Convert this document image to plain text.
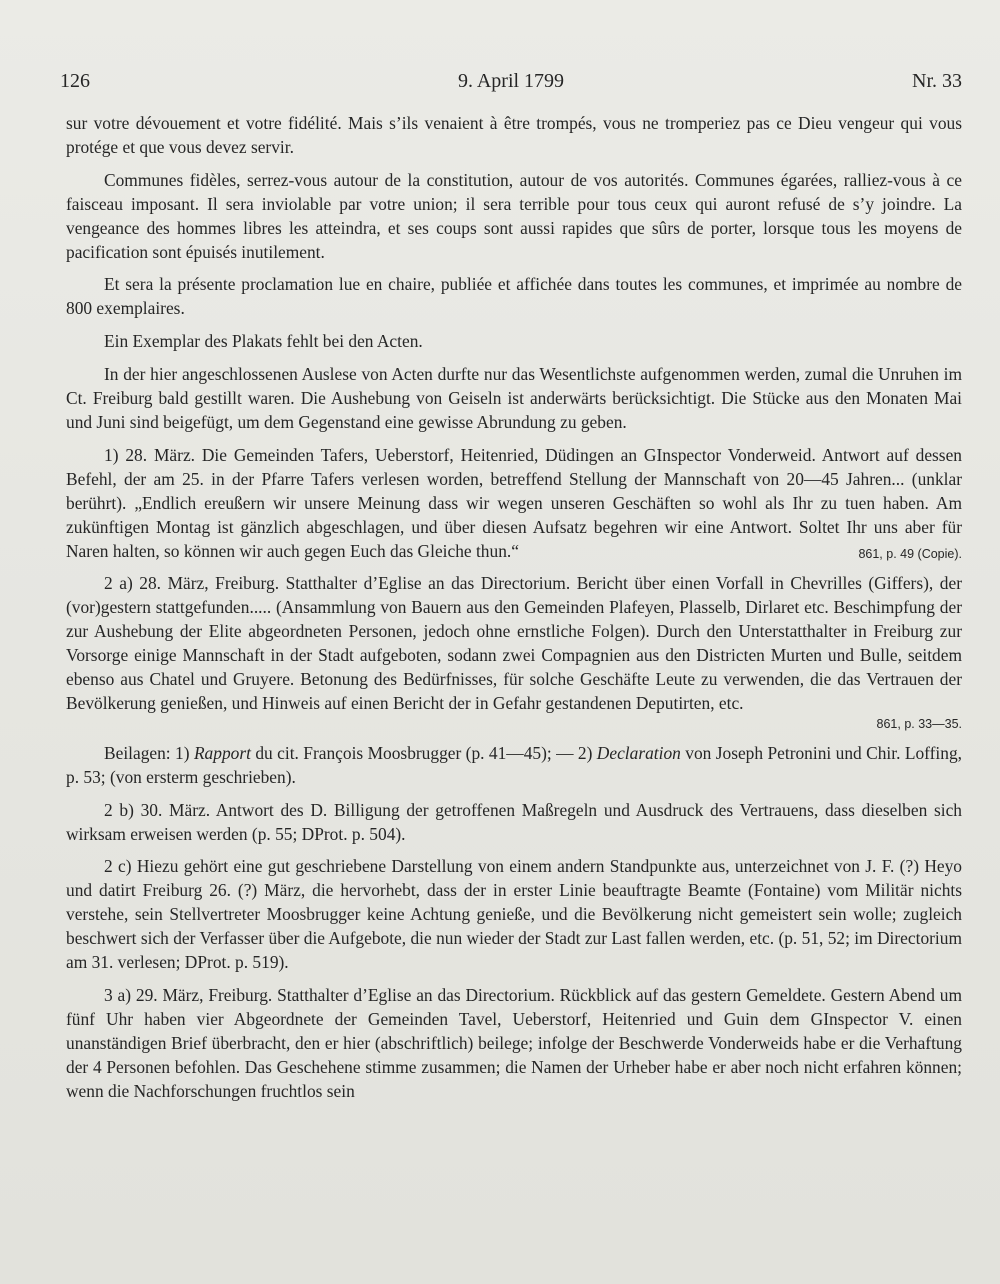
126	9. April 1799	Nr. 33

sur votre dévouement et votre fidélité. Mais s’ils venaient à être trompés, vous ne tromperiez pas ce Dieu vengeur qui vous protége et que vous devez servir.

Communes fidèles, serrez-vous autour de la constitution, autour de vos autorités. Communes égarées, ralliez-vous à ce faisceau imposant. Il sera inviolable par votre union; il sera terrible pour tous ceux qui auront refusé de s’y joindre. La vengeance des hommes libres les atteindra, et ses coups sont aussi rapides que sûrs de porter, lorsque tous les moyens de pacification sont épuisés inutilement.

Et sera la présente proclamation lue en chaire, publiée et affichée dans toutes les communes, et imprimée au nombre de 800 exemplaires.

Ein Exemplar des Plakats fehlt bei den Acten.

In der hier angeschlossenen Auslese von Acten durfte nur das Wesentlichste aufgenommen werden, zumal die Unruhen im Ct. Freiburg bald gestillt waren. Die Aushebung von Geiseln ist anderwärts berücksichtigt. Die Stücke aus den Monaten Mai und Juni sind beigefügt, um dem Gegenstand eine gewisse Abrundung zu geben.

1) 28. März. Die Gemeinden Tafers, Ueberstorf, Heitenried, Düdingen an GInspector Vonderweid. Antwort auf dessen Befehl, der am 25. in der Pfarre Tafers verlesen worden, betreffend Stellung der Mannschaft von 20—45 Jahren... (unklar berührt). „Endlich ereußern wir unsere Meinung dass wir wegen unseren Geschäften so wohl als Ihr zu tuen haben. Am zukünftigen Montag ist gänzlich abgeschlagen, und über diesen Aufsatz begehren wir eine Antwort. Soltet Ihr uns aber für Naren halten, so können wir auch gegen Euch das Gleiche thun.“	861, p. 49 (Copie).

2 a) 28. März, Freiburg. Statthalter d’Eglise an das Directorium. Bericht über einen Vorfall in Chevrilles (Giffers), der (vor)gestern stattgefunden..... (Ansammlung von Bauern aus den Gemeinden Plafeyen, Plasselb, Dirlaret etc. Beschimpfung der zur Aushebung der Elite abgeordneten Personen, jedoch ohne ernstliche Folgen). Durch den Unterstatthalter in Freiburg zur Vorsorge einige Mannschaft in der Stadt aufgeboten, sodann zwei Compagnien aus den Districten Murten und Bulle, seitdem ebenso aus Chatel und Gruyere. Betonung des Bedürfnisses, für solche Geschäfte Leute zu verwenden, die das Vertrauen der Bevölkerung genießen, und Hinweis auf einen Bericht der in Gefahr gestandenen Deputirten, etc.

861, p. 33—35.

Beilagen: 1) Rapport du cit. François Moosbrugger (p. 41—45); — 2) Declaration von Joseph Petronini und Chir. Loffing, p. 53; (von ersterm geschrieben).

2 b) 30. März. Antwort des D. Billigung der getroffenen Maßregeln und Ausdruck des Vertrauens, dass dieselben sich wirksam erweisen werden (p. 55; DProt. p. 504).

2 c) Hiezu gehört eine gut geschriebene Darstellung von einem andern Standpunkte aus, unterzeichnet von J. F. (?) Heyo und datirt Freiburg 26. (?) März, die hervorhebt, dass der in erster Linie beauftragte Beamte (Fontaine) vom Militär nichts verstehe, sein Stellvertreter Moosbrugger keine Achtung genieße, und die Bevölkerung nicht gemeistert sein wolle; zugleich beschwert sich der Verfasser über die Aufgebote, die nun wieder der Stadt zur Last fallen werden, etc. (p. 51, 52; im Directorium am 31. verlesen; DProt. p. 519).

3 a) 29. März, Freiburg. Statthalter d’Eglise an das Directorium. Rückblick auf das gestern Gemeldete. Gestern Abend um fünf Uhr haben vier Abgeordnete der Gemeinden Tavel, Ueberstorf, Heitenried und Guin dem GInspector V. einen unanständigen Brief überbracht, den er hier (abschriftlich) beilege; infolge der Beschwerde Vonderweids habe er die Verhaftung der 4 Personen befohlen. Das Geschehene stimme zusammen; die Namen der Urheber habe er aber noch nicht erfahren können; wenn die Nachforschungen fruchtlos sein
